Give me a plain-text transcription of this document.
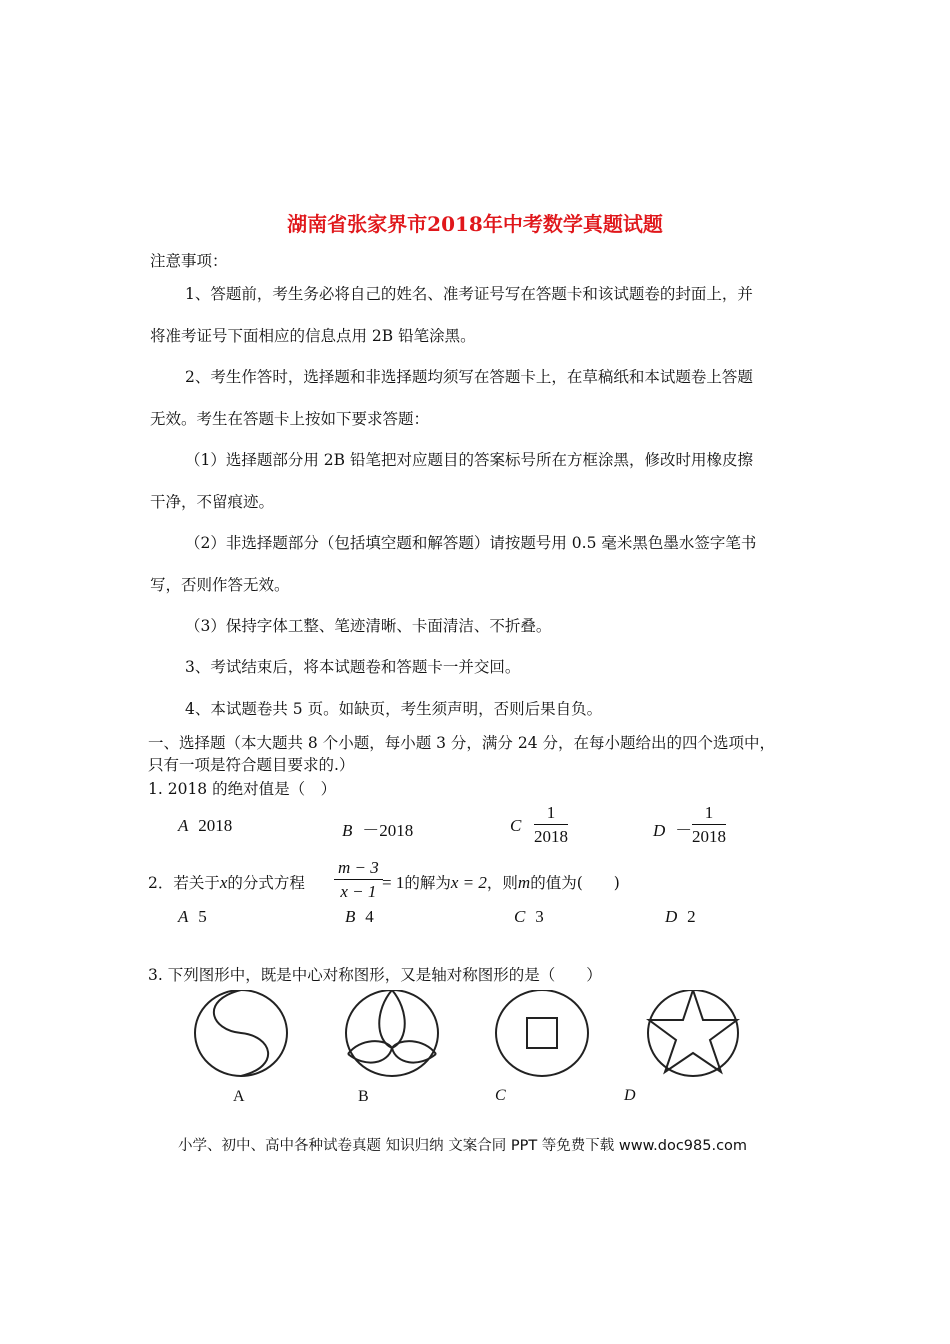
湖南省张家界市2018年中考数学真题试题
注意事项：
1、答题前，考生务必将自己的姓名、准考证号写在答题卡和该试题卷的封面上，并
将准考证号下面相应的信息点用 2B 铅笔涂黑。
2、考生作答时，选择题和非选择题均须写在答题卡上，在草稿纸和本试题卷上答题
无效。考生在答题卡上按如下要求答题：
（1）选择题部分用 2B 铅笔把对应题目的答案标号所在方框涂黑，修改时用橡皮擦
干净，不留痕迹。
（2）非选择题部分（包括填空题和解答题）请按题号用 0.5 毫米黑色墨水签字笔书
写，否则作答无效。
（3）保持字体工整、笔迹清晰、卡面清洁、不折叠。
3、考试结束后，将本试题卷和答题卡一并交回。
4、本试题卷共 5 页。如缺页，考生须声明，否则后果自负。
一、选择题（本大题共 8 个小题，每小题 3 分，满分 24 分，在每小题给出的四个选项中，
只有一项是符合题目要求的.）
1. 2018 的绝对值是（　）
A 2018	B －2018	C $\frac{1}{2018}$	$D - \frac{1}{2018}$
2．若关于x的分式方程 $\frac{m - 3}{x - 1} = 1$的解为x = 2，则m的值为(　　)
A 5	B 4	C 3	D 2
3. 下列图形中，既是中心对称图形，又是轴对称图形的是（　　）
A	B	C	D
小学、初中、高中各种试卷真题 知识归纳 文案合同 PPT 等免费下载 www.doc985.com
